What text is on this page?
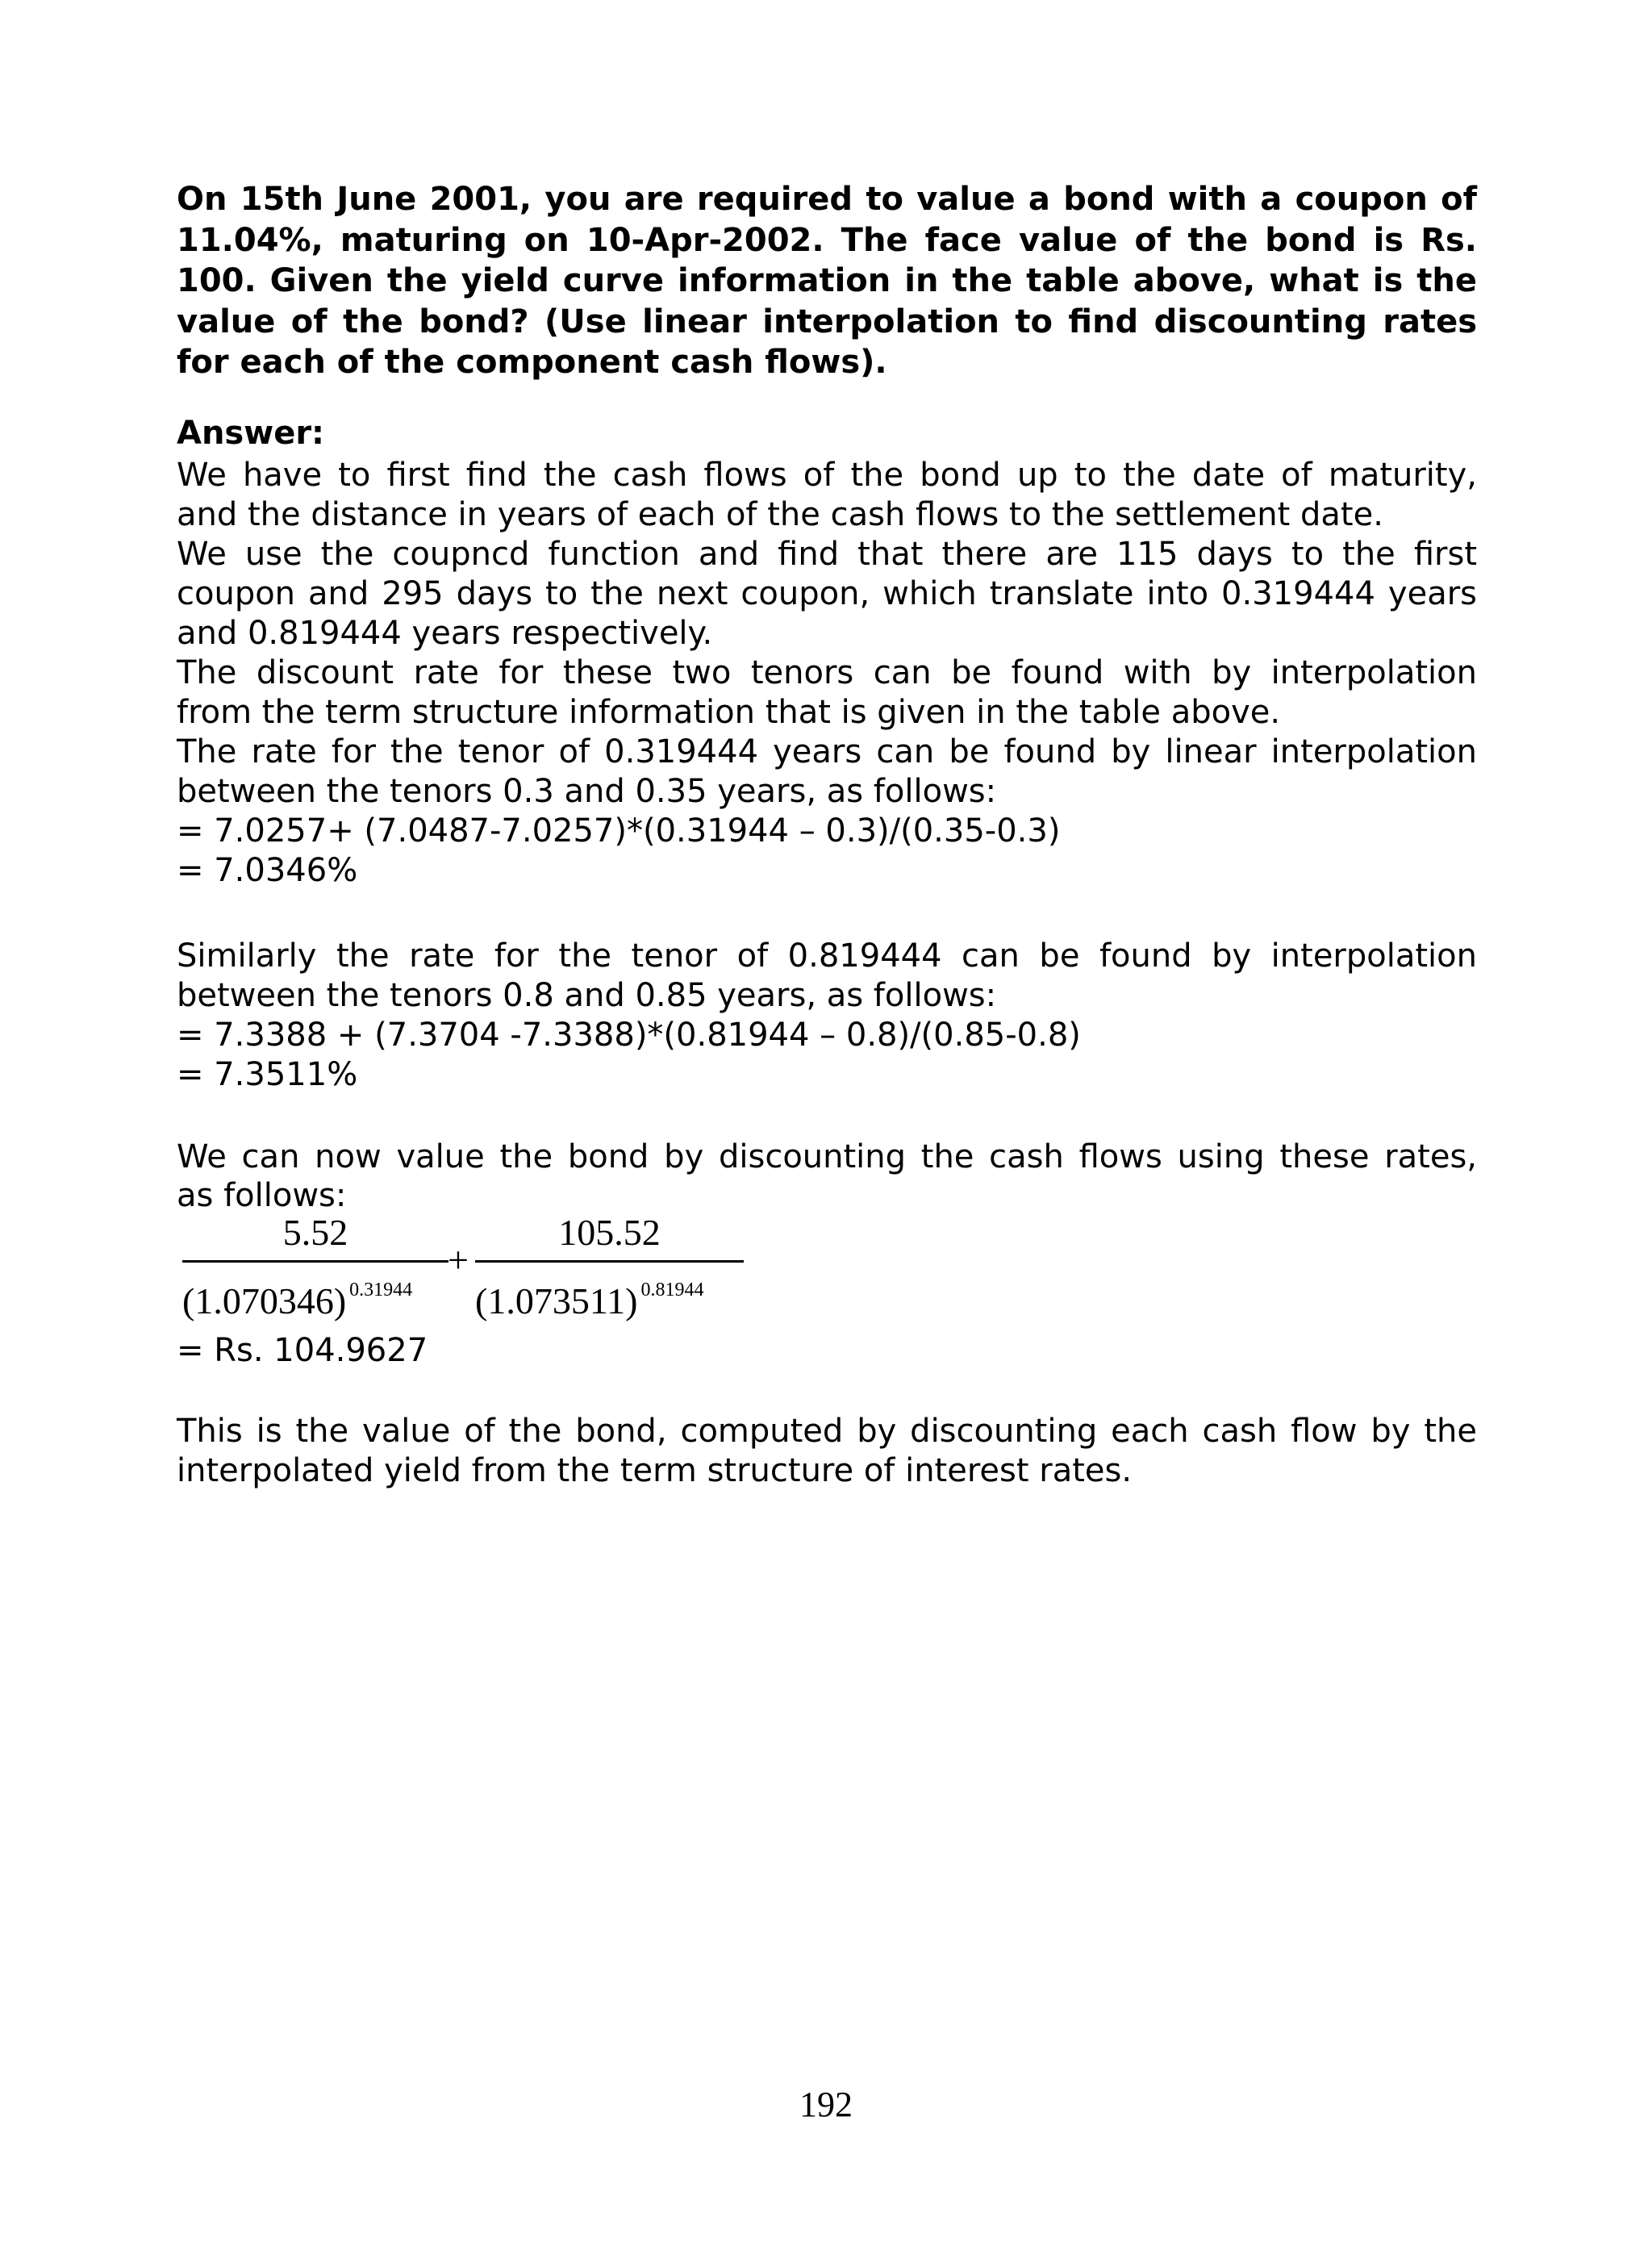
On 15th June 2001, you are required to value a bond with a coupon of
11.04%, maturing on 10-Apr-2002. The face value of the bond is Rs.
100. Given the yield curve information in the table above, what is the
value of the bond? (Use linear interpolation to find discounting rates
for each of the component cash flows).
Answer:
We have to first find the cash flows of the bond up to the date of maturity,
and the distance in years of each of the cash flows to the settlement date.
We use the coupncd function and find that there are 115 days to the first
coupon and 295 days to the next coupon, which translate into 0.319444 years
and 0.819444 years respectively.
The discount rate for these two tenors can be found with by interpolation
from the term structure information that is given in the table above.
The rate for the tenor of 0.319444 years can be found by linear interpolation
between the tenors 0.3 and 0.35 years, as follows:
= 7.0257+ (7.0487-7.0257)*(0.31944 – 0.3)/(0.35-0.3)
= 7.0346%
Similarly the rate for the tenor of 0.819444 can be found by interpolation
between the tenors 0.8 and 0.85 years, as follows:
= 7.3388 + (7.3704 -7.3388)*(0.81944 – 0.8)/(0.85-0.8)
= 7.3511%
We can now value the bond by discounting the cash flows using these rates,
as follows:
5.52
(1.070346) $^{0.31944}$
+
105.52
(1.073511) $^{0.81944}$
= Rs. 104.9627
This is the value of the bond, computed by discounting each cash flow by the
interpolated yield from the term structure of interest rates.
192
